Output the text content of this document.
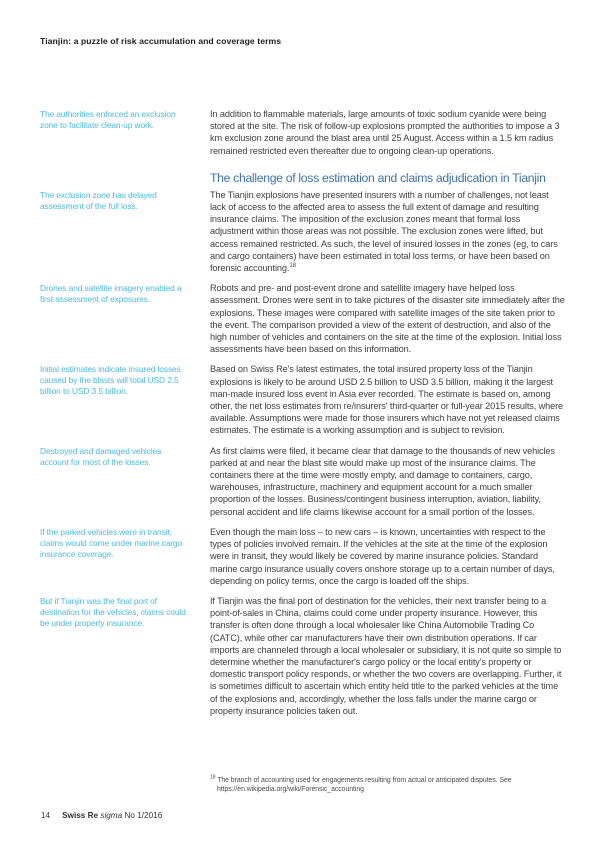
Tianjin: a puzzle of risk accumulation and coverage terms
The authorities enforced an exclusion zone to facilitate clean-up work.

In addition to flammable materials, large amounts of toxic sodium cyanide were being stored at the site. The risk of follow-up explosions prompted the authorities to impose a 3 km exclusion zone around the blast area until 25 August. Access within a 1.5 km radius remained restricted even thereafter due to ongoing clean-up operations.

The challenge of loss estimation and claims adjudication in Tianjin
The exclusion zone has delayed assessment of the full loss.

The Tianjin explosions have presented insurers with a number of challenges, not least lack of access to the affected area to assess the full extent of damage and resulting insurance claims. The imposition of the exclusion zones meant that formal loss adjustment within those areas was not possible. The exclusion zones were lifted, but access remained restricted. As such, the level of insured losses in the zones (eg, to cars and cargo containers) have been estimated in total loss terms, or have been based on forensic accounting.$^{18}$

Drones and satellite imagery enabled a first assessment of exposures.

Robots and pre- and post-event drone and satellite imagery have helped loss assessment. Drones were sent in to take pictures of the disaster site immediately after the explosions. These images were compared with satellite images of the site taken prior to the event. The comparison provided a view of the extent of destruction, and also of the high number of vehicles and containers on the site at the time of the explosion. Initial loss assessments have been based on this information.

Initial estimates indicate insured losses caused by the blasts will total USD 2.5 billion to USD 3.5 billion.

Based on Swiss Re's latest estimates, the total insured property loss of the Tianjin explosions is likely to be around USD 2.5 billion to USD 3.5 billion, making it the largest man-made insured loss event in Asia ever recorded. The estimate is based on, among other, the net loss estimates from re/insurers' third-quarter or full-year 2015 results, where available. Assumptions were made for those insurers which have not yet released claims estimates. The estimate is a working assumption and is subject to revision.

Destroyed and damaged vehicles account for most of the losses.

As first claims were filed, it became clear that damage to the thousands of new vehicles parked at and near the blast site would make up most of the insurance claims. The containers there at the time were mostly empty, and damage to containers, cargo, warehouses, infrastructure, machinery and equipment account for a much smaller proportion of the losses. Business/contingent business interruption, aviation, liability, personal accident and life claims likewise account for a small portion of the losses.

If the parked vehicles were in transit, claims would come under marine cargo insurance coverage.

Even though the main loss – to new cars – is known, uncertainties with respect to the types of policies involved remain. If the vehicles at the site at the time of the explosion were in transit, they would likely be covered by marine insurance policies. Standard marine cargo insurance usually covers onshore storage up to a certain number of days, depending on policy terms, once the cargo is loaded off the ships.

But if Tianjin was the final port of destination for the vehicles, claims could be under property insurance.

If Tianjin was the final port of destination for the vehicles, their next transfer being to a point-of-sales in China, claims could come under property insurance. However, this transfer is often done through a local wholesaler like China Automobile Trading Co (CATC), while other car manufacturers have their own distribution operations. If car imports are channeled through a local wholesaler or subsidiary, it is not quite so simple to determine whether the manufacturer's cargo policy or the local entity's property or domestic transport policy responds, or whether the two covers are overlapping. Further, it is sometimes difficult to ascertain which entity held title to the parked vehicles at the time of the explosions and, accordingly, whether the loss falls under the marine cargo or property insurance policies taken out.

$^{18}$ The branch of accounting used for engagements resulting from actual or anticipated disputes. See
https://en.wikipedia.org/wiki/Forensic_accounting
14 Swiss Re sigma No 1/2016
